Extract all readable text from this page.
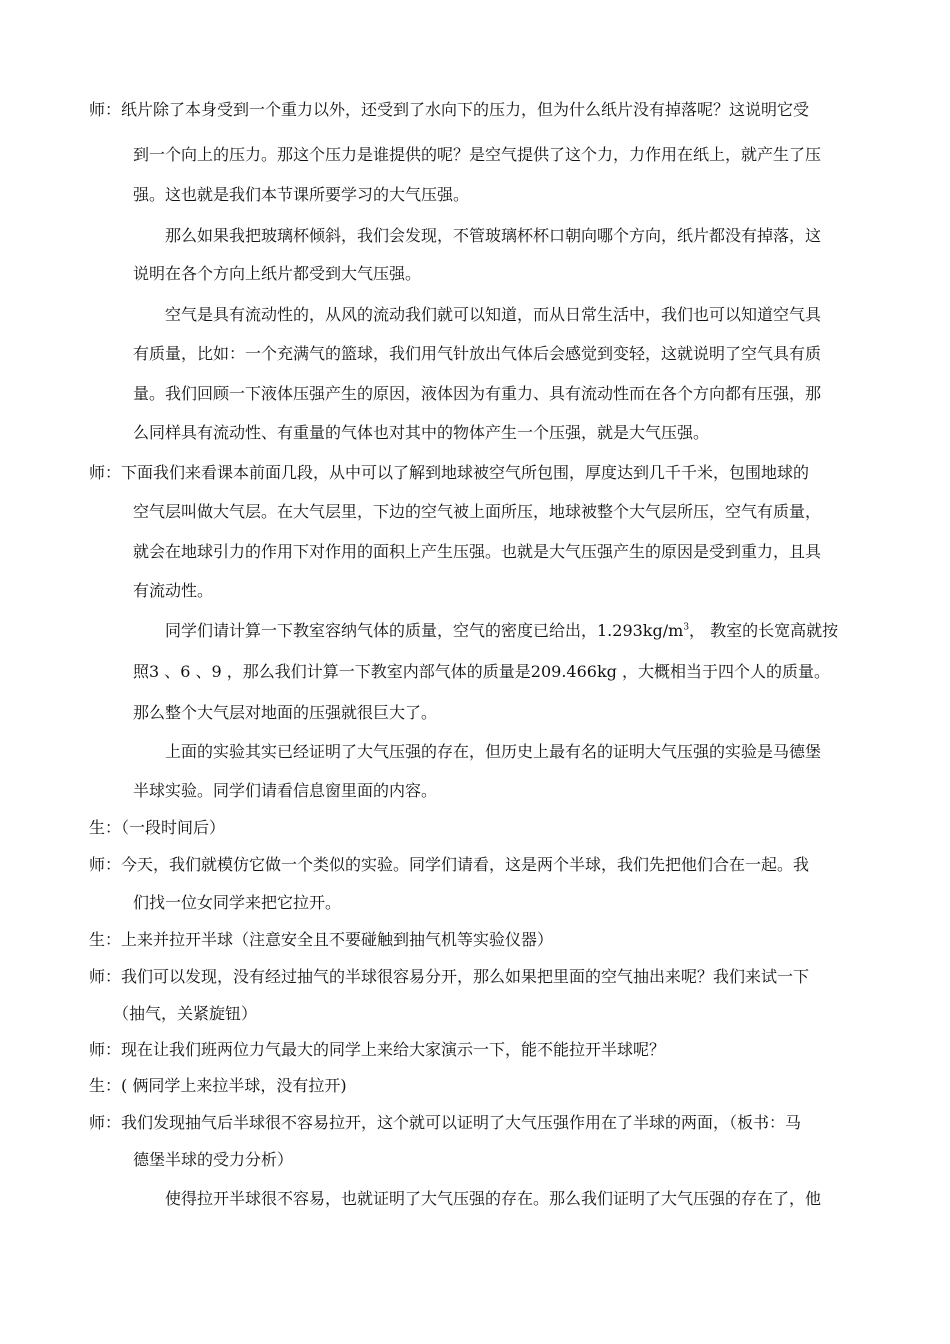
师：纸片除了本身受到一个重力以外，还受到了水向下的压力，但为什么纸片没有掉落呢？这说明它受
到一个向上的压力。那这个压力是谁提供的呢？是空气提供了这个力，力作用在纸上，就产生了压
强。这也就是我们本节课所要学习的大气压强。
那么如果我把玻璃杯倾斜，我们会发现，不管玻璃杯杯口朝向哪个方向，纸片都没有掉落，这
说明在各个方向上纸片都受到大气压强。
空气是具有流动性的，从风的流动我们就可以知道，而从日常生活中，我们也可以知道空气具
有质量，比如：一个充满气的篮球，我们用气针放出气体后会感觉到变轻，这就说明了空气具有质
量。我们回顾一下液体压强产生的原因，液体因为有重力、具有流动性而在各个方向都有压强，那
么同样具有流动性、有重量的气体也对其中的物体产生一个压强，就是大气压强。
师：下面我们来看课本前面几段，从中可以了解到地球被空气所包围，厚度达到几千千米，包围地球的
空气层叫做大气层。在大气层里，下边的空气被上面所压，地球被整个大气层所压，空气有质量，
就会在地球引力的作用下对作用的面积上产生压强。也就是大气压强产生的原因是受到重力，且具
有流动性。
同学们请计算一下教室容纳气体的质量，空气的密度已给出，$1.293kg/m^3$， 教室的长宽高就按
照3 、6 、9 ，那么我们计算一下教室内部气体的质量是209.466kg ，大概相当于四个人的质量。
那么整个大气层对地面的压强就很巨大了。
上面的实验其实已经证明了大气压强的存在，但历史上最有名的证明大气压强的实验是马德堡
半球实验。同学们请看信息窗里面的内容。
生：（一段时间后）
师：今天，我们就模仿它做一个类似的实验。同学们请看，这是两个半球，我们先把他们合在一起。我
们找一位女同学来把它拉开。
生：上来并拉开半球（注意安全且不要碰触到抽气机等实验仪器）
师：我们可以发现，没有经过抽气的半球很容易分开，那么如果把里面的空气抽出来呢？我们来试一下
（抽气，关紧旋钮）
师：现在让我们班两位力气最大的同学上来给大家演示一下，能不能拉开半球呢？
生：( 俩同学上来拉半球，没有拉开)
师：我们发现抽气后半球很不容易拉开，这个就可以证明了大气压强作用在了半球的两面，（板书：马
德堡半球的受力分析）
使得拉开半球很不容易，也就证明了大气压强的存在。那么我们证明了大气压强的存在了，他
